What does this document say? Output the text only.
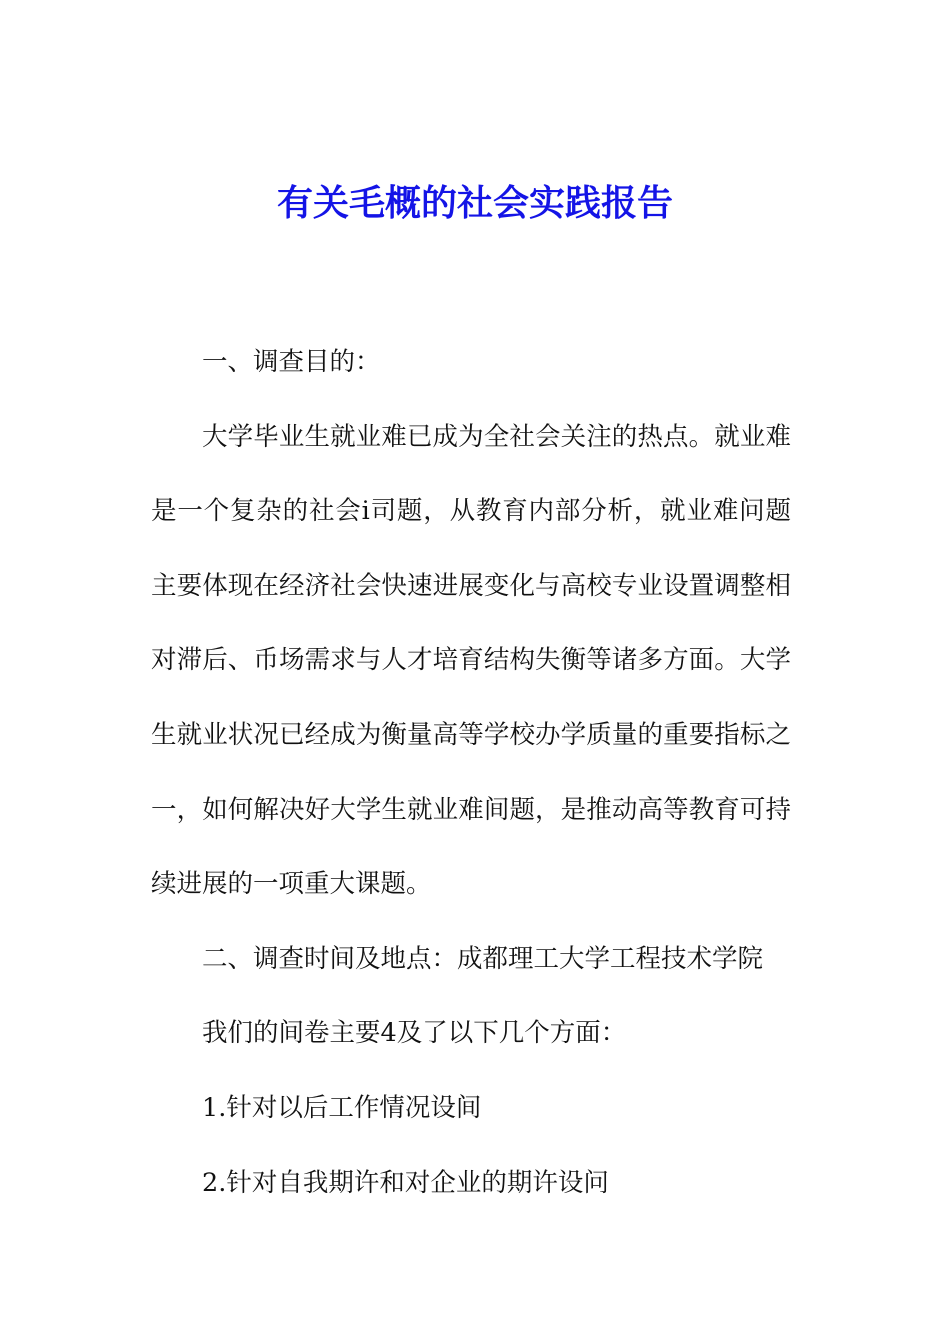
有关毛概的社会实践报告

一、调查目的：

大学毕业生就业难已成为全社会关注的热点。就业难是一个复杂的社会i司题，从教育内部分析，就业难问题主要体现在经济社会快速进展变化与高校专业设置调整相对滞后、币场需求与人才培育结构失衡等诸多方面。大学生就业状况已经成为衡量高等学校办学质量的重要指标之一，如何解决好大学生就业难间题，是推动高等教育可持续进展的一项重大课题。

二、调查时间及地点：成都理工大学工程技术学院

我们的间卷主要4及了以下几个方面：

1.针对以后工作情况设间

2.针对自我期许和对企业的期许设问
